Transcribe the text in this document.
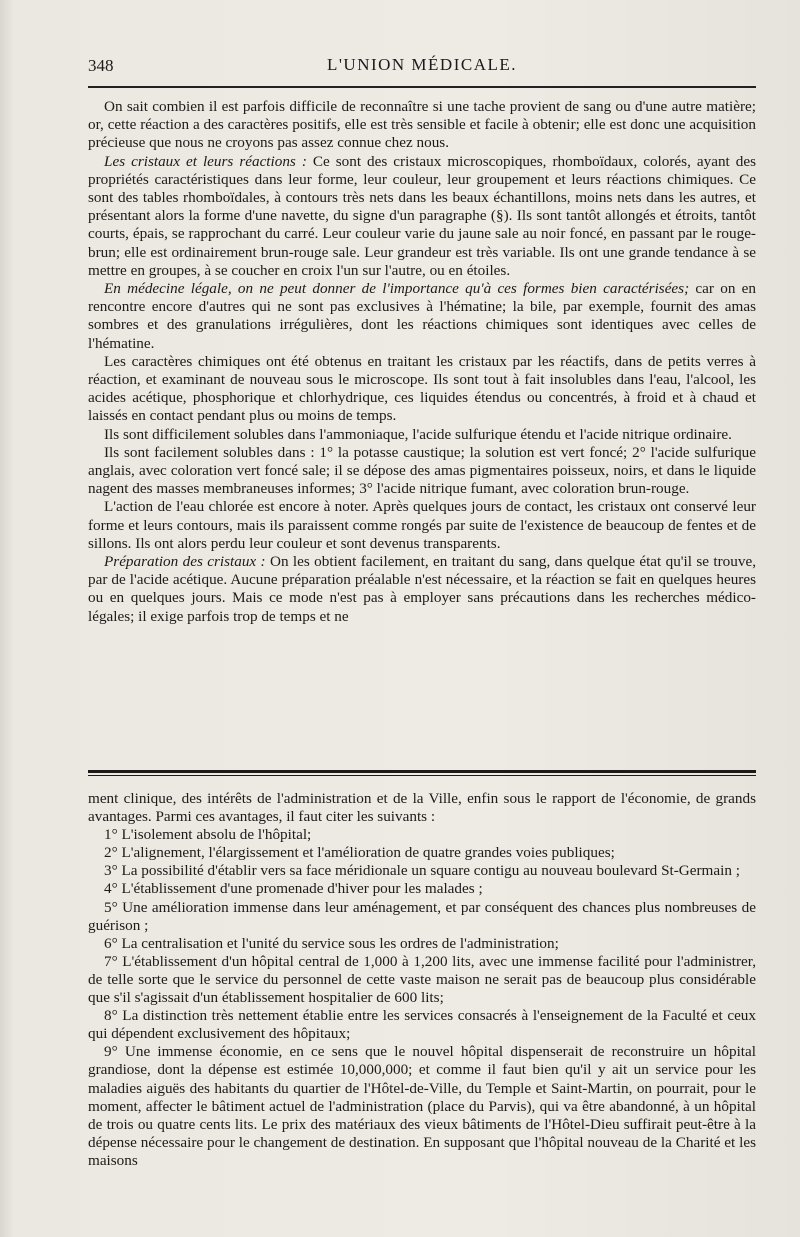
348	L'UNION MÉDICALE.

On sait combien il est parfois difficile de reconnaître si une tache provient de sang ou d'une autre matière; or, cette réaction a des caractères positifs, elle est très sensible et facile à obtenir; elle est donc une acquisition précieuse que nous ne croyons pas assez connue chez nous.

Les cristaux et leurs réactions : Ce sont des cristaux microscopiques, rhomboïdaux, colorés, ayant des propriétés caractéristiques dans leur forme, leur couleur, leur groupement et leurs réactions chimiques. Ce sont des tables rhomboïdales, à contours très nets dans les beaux échantillons, moins nets dans les autres, et présentant alors la forme d'une navette, du signe d'un paragraphe (§). Ils sont tantôt allongés et étroits, tantôt courts, épais, se rapprochant du carré. Leur couleur varie du jaune sale au noir foncé, en passant par le rouge-brun; elle est ordinairement brun-rouge sale. Leur grandeur est très variable. Ils ont une grande tendance à se mettre en groupes, à se coucher en croix l'un sur l'autre, ou en étoiles.

En médecine légale, on ne peut donner de l'importance qu'à ces formes bien caractérisées; car on en rencontre encore d'autres qui ne sont pas exclusives à l'hématine; la bile, par exemple, fournit des amas sombres et des granulations irrégulières, dont les réactions chimiques sont identiques avec celles de l'hématine.

Les caractères chimiques ont été obtenus en traitant les cristaux par les réactifs, dans de petits verres à réaction, et examinant de nouveau sous le microscope. Ils sont tout à fait insolubles dans l'eau, l'alcool, les acides acétique, phosphorique et chlorhydrique, ces liquides étendus ou concentrés, à froid et à chaud et laissés en contact pendant plus ou moins de temps.

Ils sont difficilement solubles dans l'ammoniaque, l'acide sulfurique étendu et l'acide nitrique ordinaire.

Ils sont facilement solubles dans : 1° la potasse caustique; la solution est vert foncé; 2° l'acide sulfurique anglais, avec coloration vert foncé sale; il se dépose des amas pigmentaires poisseux, noirs, et dans le liquide nagent des masses membraneuses informes; 3° l'acide nitrique fumant, avec coloration brun-rouge.

L'action de l'eau chlorée est encore à noter. Après quelques jours de contact, les cristaux ont conservé leur forme et leurs contours, mais ils paraissent comme rongés par suite de l'existence de beaucoup de fentes et de sillons. Ils ont alors perdu leur couleur et sont devenus transparents.

Préparation des cristaux : On les obtient facilement, en traitant du sang, dans quelque état qu'il se trouve, par de l'acide acétique. Aucune préparation préalable n'est nécessaire, et la réaction se fait en quelques heures ou en quelques jours. Mais ce mode n'est pas à employer sans précautions dans les recherches médico-légales; il exige parfois trop de temps et ne

ment clinique, des intérêts de l'administration et de la Ville, enfin sous le rapport de l'économie, de grands avantages. Parmi ces avantages, il faut citer les suivants :

1° L'isolement absolu de l'hôpital;

2° L'alignement, l'élargissement et l'amélioration de quatre grandes voies publiques;

3° La possibilité d'établir vers sa face méridionale un square contigu au nouveau boulevard St-Germain ;

4° L'établissement d'une promenade d'hiver pour les malades ;

5° Une amélioration immense dans leur aménagement, et par conséquent des chances plus nombreuses de guérison ;

6° La centralisation et l'unité du service sous les ordres de l'administration;

7° L'établissement d'un hôpital central de 1,000 à 1,200 lits, avec une immense facilité pour l'administrer, de telle sorte que le service du personnel de cette vaste maison ne serait pas de beaucoup plus considérable que s'il s'agissait d'un établissement hospitalier de 600 lits;

8° La distinction très nettement établie entre les services consacrés à l'enseignement de la Faculté et ceux qui dépendent exclusivement des hôpitaux;

9° Une immense économie, en ce sens que le nouvel hôpital dispenserait de reconstruire un hôpital grandiose, dont la dépense est estimée 10,000,000; et comme il faut bien qu'il y ait un service pour les maladies aiguës des habitants du quartier de l'Hôtel-de-Ville, du Temple et Saint-Martin, on pourrait, pour le moment, affecter le bâtiment actuel de l'administration (place du Parvis), qui va être abandonné, à un hôpital de trois ou quatre cents lits. Le prix des matériaux des vieux bâtiments de l'Hôtel-Dieu suffirait peut-être à la dépense nécessaire pour le changement de destination. En supposant que l'hôpital nouveau de la Charité et les maisons
